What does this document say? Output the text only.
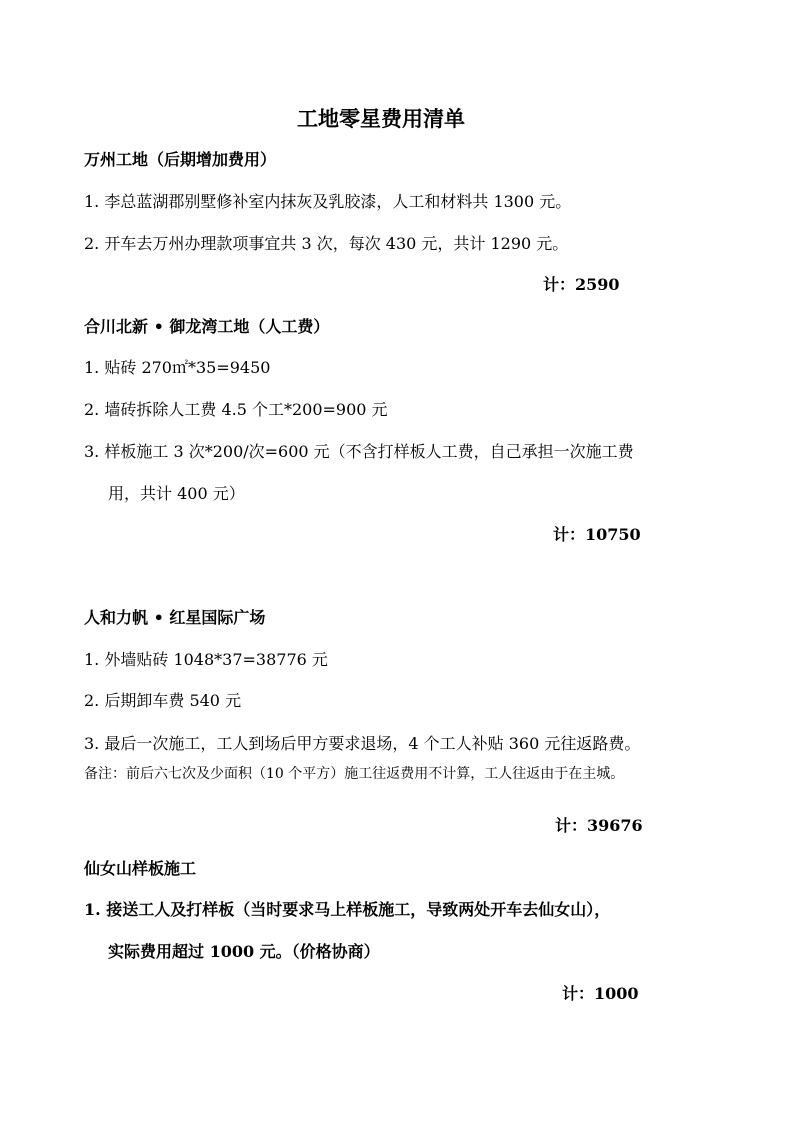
工地零星费用清单
万州工地（后期增加费用）
1. 李总蓝湖郡别墅修补室内抹灰及乳胶漆，人工和材料共 1300 元。
2. 开车去万州办理款项事宜共 3 次，每次 430 元，共计 1290 元。
计：2590
合川北新 • 御龙湾工地（人工费）
1. 贴砖 270㎡*35=9450
2. 墙砖拆除人工费 4.5 个工*200=900 元
3. 样板施工 3 次*200/次=600 元（不含打样板人工费，自己承担一次施工费
用，共计 400 元）
计：10750
人和力帆 • 红星国际广场
1. 外墙贴砖 1048*37=38776 元
2. 后期卸车费 540 元
3. 最后一次施工，工人到场后甲方要求退场，4 个工人补贴 360 元往返路费。
备注：前后六七次及少面积（10 个平方）施工往返费用不计算，工人往返由于在主城。
计：39676
仙女山样板施工
1. 接送工人及打样板（当时要求马上样板施工，导致两处开车去仙女山），
实际费用超过 1000 元。（价格协商）
计：1000
